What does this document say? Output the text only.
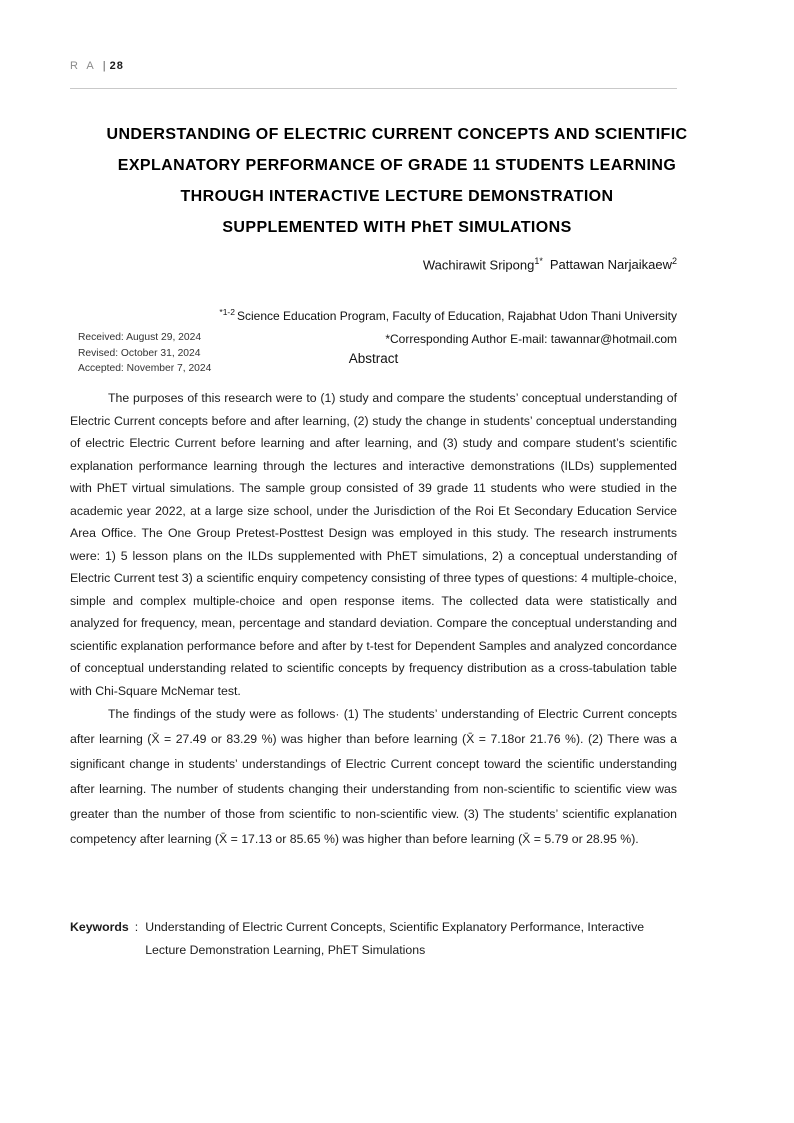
R A | 28
UNDERSTANDING OF ELECTRIC CURRENT CONCEPTS AND SCIENTIFIC
EXPLANATORY PERFORMANCE OF GRADE 11 STUDENTS LEARNING
THROUGH INTERACTIVE LECTURE DEMONSTRATION
SUPPLEMENTED WITH PhET SIMULATIONS
Wachirawit Sripong$^{1*}$ Pattawan Narjaikaew$^2$
$^{*1-2}$ Science Education Program, Faculty of Education, Rajabhat Udon Thani University
*Corresponding Author E-mail: tawannar@hotmail.com
Received: August 29, 2024
Revised: October 31, 2024
Accepted: November 7, 2024
Abstract

The purposes of this research were to (1) study and compare the students’ conceptual understanding of Electric Current concepts before and after learning, (2) study the change in students’ conceptual understanding of electric Electric Current before learning and after learning, and (3) study and compare student’s scientific explanation performance learning through the lectures and interactive demonstrations (ILDs) supplemented with PhET virtual simulations. The sample group consisted of 39 grade 11 students who were studied in the academic year 2022, at a large size school, under the Jurisdiction of the Roi Et Secondary Education Service Area Office. The One Group Pretest-Posttest Design was employed in this study. The research instruments were: 1) 5 lesson plans on the ILDs supplemented with PhET simulations, 2) a conceptual understanding of Electric Current test 3) a scientific enquiry competency consisting of three types of questions: 4 multiple-choice, simple and complex multiple-choice and open response items. The collected data were statistically and analyzed for frequency, mean, percentage and standard deviation. Compare the conceptual understanding and scientific explanation performance before and after by t-test for Dependent Samples and analyzed concordance of conceptual understanding related to scientific concepts by frequency distribution as a cross-tabulation table with Chi-Square McNemar test.

The findings of the study were as follows· (1) The students’ understanding of Electric Current concepts after learning (X̄ = 27.49 or 83.29 %) was higher than before learning (X̄ = 7.18or 21.76 %). (2) There was a significant change in students’ understandings of Electric Current concept toward the scientific understanding after learning. The number of students changing their understanding from non-scientific to scientific view was greater than the number of those from scientific to non-scientific view. (3) The students’ scientific explanation competency after learning (X̄ = 17.13 or 85.65 %) was higher than before learning (X̄ = 5.79 or 28.95 %).

Keywords : Understanding of Electric Current Concepts, Scientific Explanatory Performance, Interactive Lecture Demonstration Learning, PhET Simulations
